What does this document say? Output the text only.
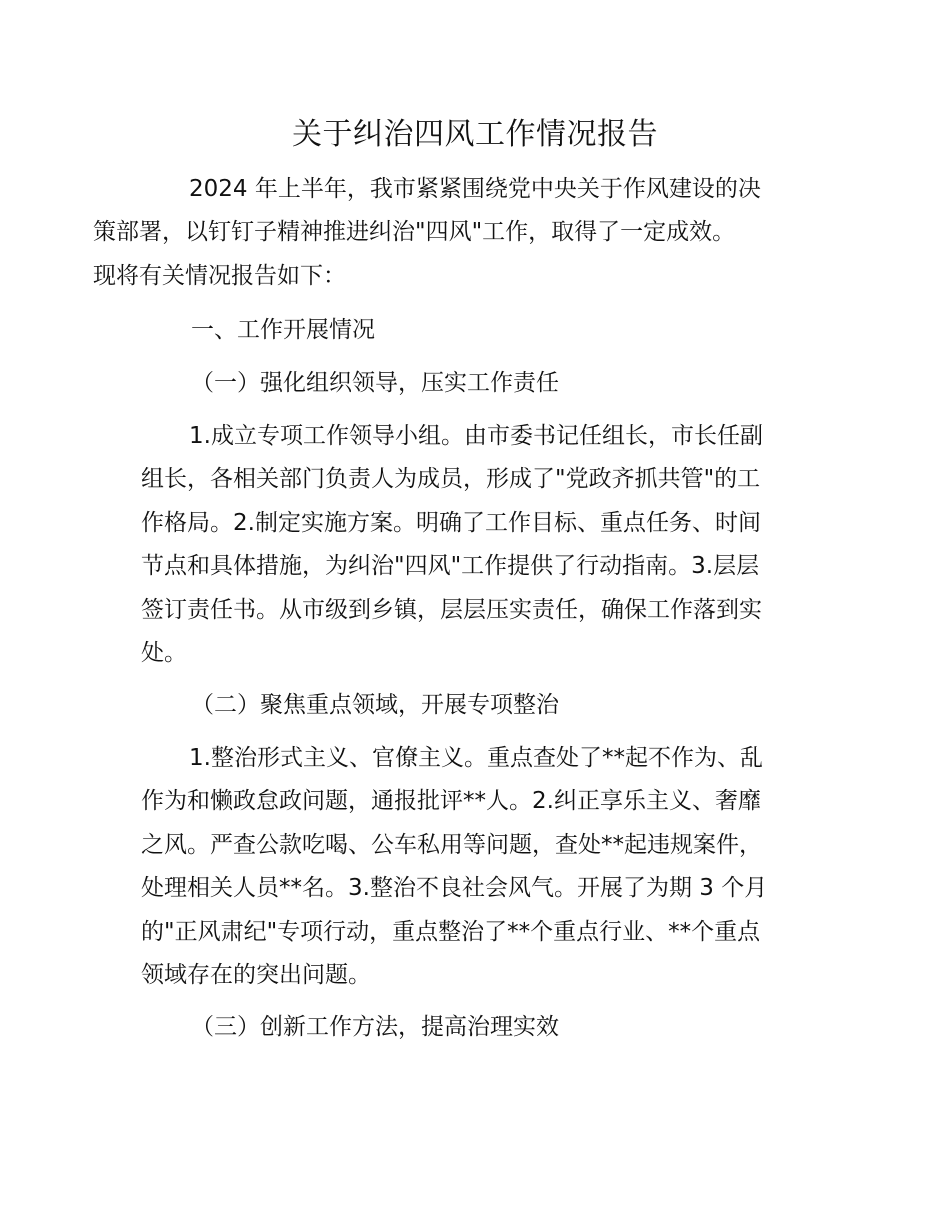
关于纠治四风工作情况报告
2024 年上半年，我市紧紧围绕党中央关于作风建设的决
策部署，以钉钉子精神推进纠治"四风"工作，取得了一定成效。
现将有关情况报告如下：
一、工作开展情况
（一）强化组织领导，压实工作责任
1.成立专项工作领导小组。由市委书记任组长，市长任副
组长，各相关部门负责人为成员，形成了"党政齐抓共管"的工
作格局。2.制定实施方案。明确了工作目标、重点任务、时间
节点和具体措施，为纠治"四风"工作提供了行动指南。3.层层
签订责任书。从市级到乡镇，层层压实责任，确保工作落到实
处。
（二）聚焦重点领域，开展专项整治
1.整治形式主义、官僚主义。重点查处了**起不作为、乱
作为和懒政怠政问题，通报批评**人。2.纠正享乐主义、奢靡
之风。严查公款吃喝、公车私用等问题，查处**起违规案件，
处理相关人员**名。3.整治不良社会风气。开展了为期 3 个月
的"正风肃纪"专项行动，重点整治了**个重点行业、**个重点
领域存在的突出问题。
（三）创新工作方法，提高治理实效
